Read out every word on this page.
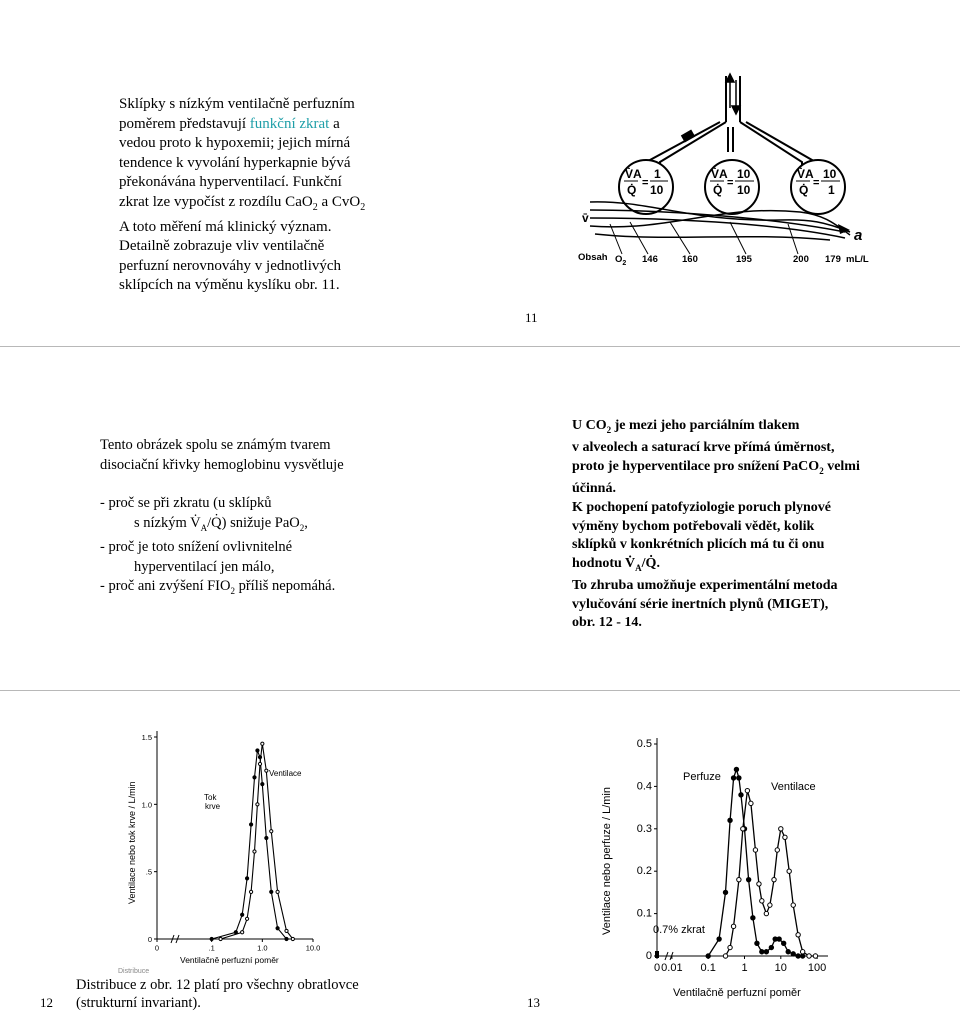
Sklípky s nízkým ventilačně perfuzním
poměrem představují funkční zkrat a
vedou proto k hypoxemii; jejich mírná
tendence k vyvolání hyperkapnie bývá
překonávána hyperventilací. Funkční
zkrat lze vypočíst z rozdílu CaO$_2$ a CvO$_2$
A toto měření má klinický význam.
Detailně zobrazuje vliv ventilačně
perfuzní nerovnováhy v jednotlivých
sklípcích na výměnu kyslíku obr. 11.
V̇A
Q̇ =
1
10
V̇A
Q̇ =
10
10
V̇A
Q̇ =
10
1
v̄
a
Obsah $O_2$ 146	160	195	200 179 mL/L
11
Tento obrázek spolu se známým tvarem
disociační křivky hemoglobinu vysvětluje
- proč se při zkratu (u sklípků
s nízkým $V̇_A/Q̇$) snižuje PaO$_2$,
- proč je toto snížení ovlivnitelné
hyperventilací jen málo,
- proč ani zvýšení $FIO_2$ příliš nepomáhá.
U $CO_2$ je mezi jeho parciálním tlakem
v alveolech a saturací krve přímá úměrnost,
proto je hyperventilace pro snížení PaCO$_2$ velmi
účinná.
K pochopení patofyziologie poruch plynové
výměny bychom potřebovali vědět, kolik
sklípků v konkrétních plicích má tu či onu
hodnotu $V̇_A/Q̇$.
To zhruba umožňuje experimentální metoda
vylučování série inertních plynů (MIGET),
obr. 12 - 14.
Ventilace nebo tok krve / L/min
Ventilačně perfuzní poměr
Tok
krve
Ventilace
Distribuce
1.5
1.0
.5
0
0	.1	1.0	10.0
Distribuce z obr. 12 platí pro všechny obratlovce
(strukturní invariant).
12
Ventilace nebo perfuze / L/min
Ventilačně perfuzní poměr
Perfuze
Ventilace
0.7% zkrat
0.5
0.4
0.3
0.2
0.1
0
0 0.01 0.1 1 10 100
13
